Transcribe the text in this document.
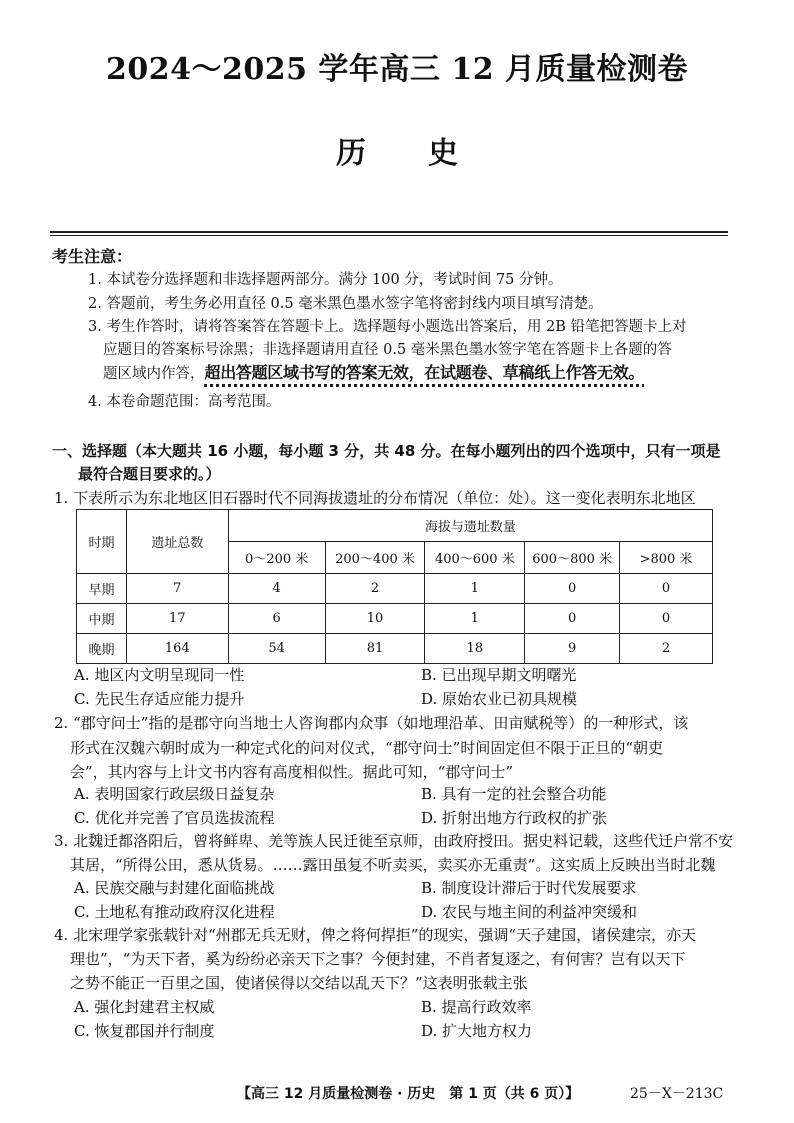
2024～2025 学年高三 12 月质量检测卷
历 史
考生注意：
1. 本试卷分选择题和非选择题两部分。满分 100 分，考试时间 75 分钟。
2. 答题前，考生务必用直径 0.5 毫米黑色墨水签字笔将密封线内项目填写清楚。
3. 考生作答时，请将答案答在答题卡上。选择题每小题选出答案后，用 2B 铅笔把答题卡上对
应题目的答案标号涂黑；非选择题请用直径 0.5 毫米黑色墨水签字笔在答题卡上各题的答
题区域内作答，超出答题区域书写的答案无效，在试题卷、草稿纸上作答无效。
4. 本卷命题范围：高考范围。
一、选择题（本大题共 16 小题，每小题 3 分，共 48 分。在每小题列出的四个选项中，只有一项是
最符合题目要求的。）
1. 下表所示为东北地区旧石器时代不同海拔遗址的分布情况（单位：处）。这一变化表明东北地区
时期	遗址总数	海拔与遗址数量				
		0～200 米	200～400 米	400～600 米	600～800 米	>800 米
早期	7	4	2	1	0	0
中期	17	6	10	1	0	0
晚期	164	54	81	18	9	2
A. 地区内文明呈现同一性	B. 已出现早期文明曙光
C. 先民生存适应能力提升	D. 原始农业已初具规模
2. “郡守问士”指的是郡守向当地士人咨询郡内众事（如地理沿革、田亩赋税等）的一种形式，该
形式在汉魏六朝时成为一种定式化的问对仪式，“郡守问士”时间固定但不限于正旦的“朝吏
会”，其内容与上计文书内容有高度相似性。据此可知，“郡守问士”
A. 表明国家行政层级日益复杂	B. 具有一定的社会整合功能
C. 优化并完善了官员选拔流程	D. 折射出地方行政权的扩张
3. 北魏迁都洛阳后，曾将鲜卑、羌等族人民迁徙至京师，由政府授田。据史料记载，这些代迁户常不安
其居，“所得公田，悉从货易。……露田虽复不听卖买，卖买亦无重责”。这实质上反映出当时北魏
A. 民族交融与封建化面临挑战	B. 制度设计滞后于时代发展要求
C. 土地私有推动政府汉化进程	D. 农民与地主间的利益冲突缓和
4. 北宋理学家张载针对“州郡无兵无财，俾之将何捍拒”的现实，强调“天子建国，诸侯建宗，亦天
理也”，“为天下者，奚为纷纷必亲天下之事？今便封建，不肖者复逐之，有何害？岂有以天下
之势不能正一百里之国，使诸侯得以交结以乱天下？”这表明张载主张
A. 强化封建君主权威	B. 提高行政效率
C. 恢复郡国并行制度	D. 扩大地方权力
【高三 12 月质量检测卷 · 历史　第 1 页（共 6 页）】	25－X－213C
